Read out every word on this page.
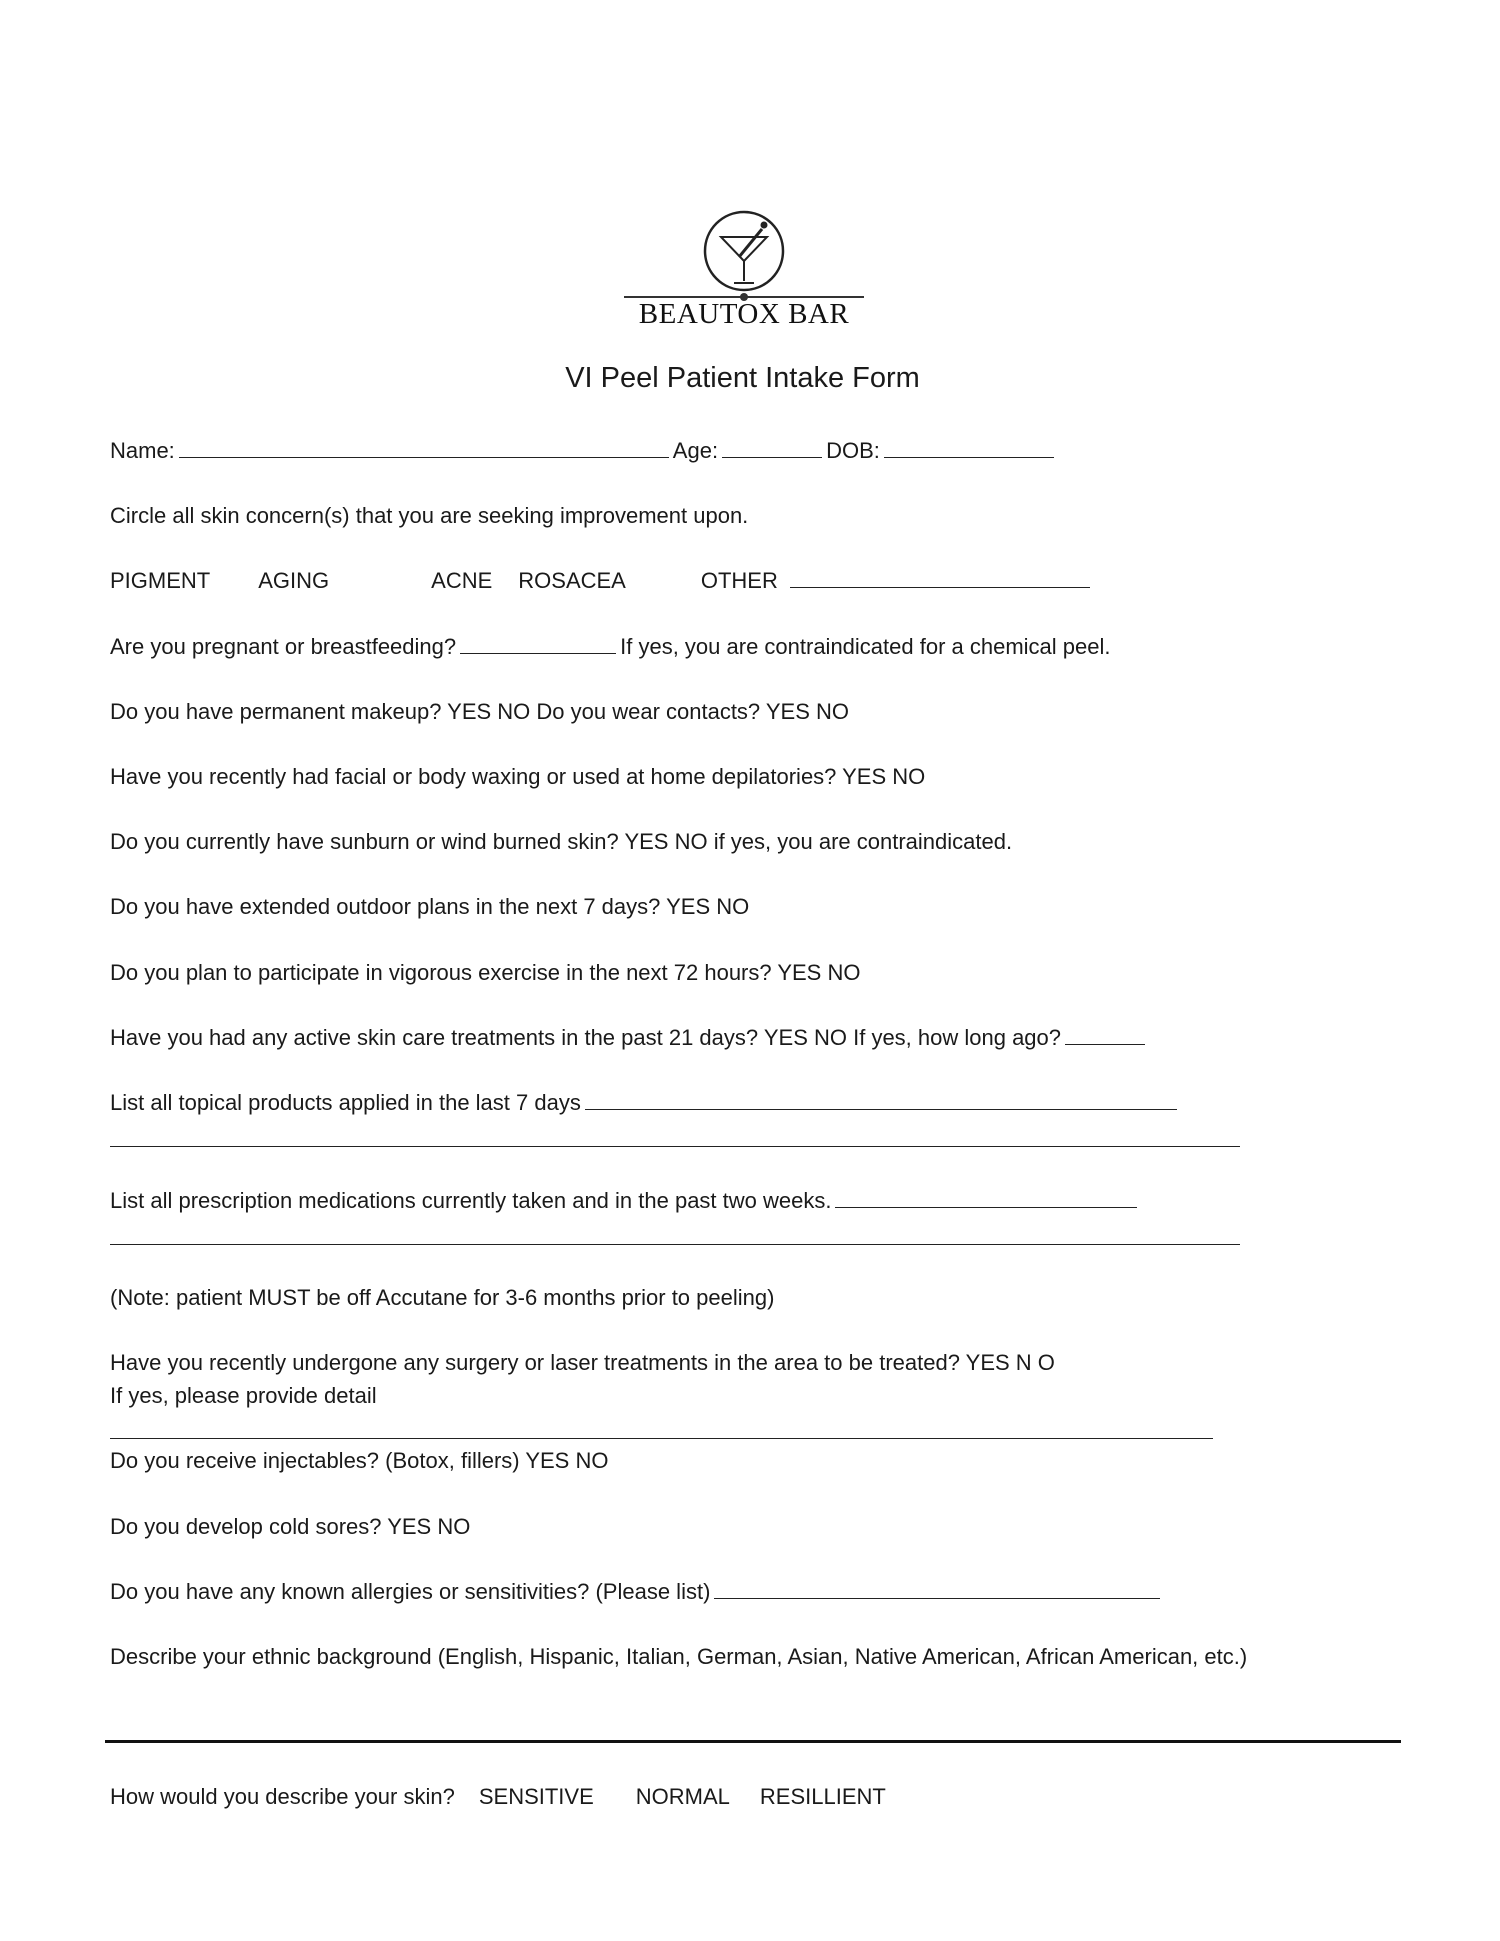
BEAUTOX BAR
VI Peel Patient Intake Form
Name:	Age:	DOB:
Circle all skin concern(s) that you are seeking improvement upon.
PIGMENT AGING	ACNE ROSACEA	OTHER
Are you pregnant or breastfeeding?	If yes, you are contraindicated for a chemical peel.
Do you have permanent makeup? YES NO Do you wear contacts? YES NO
Have you recently had facial or body waxing or used at home depilatories? YES NO
Do you currently have sunburn or wind burned skin? YES NO if yes, you are contraindicated.
Do you have extended outdoor plans in the next 7 days? YES NO
Do you plan to participate in vigorous exercise in the next 72 hours? YES NO
Have you had any active skin care treatments in the past 21 days? YES NO If yes, how long ago?
List all topical products applied in the last 7 days
List all prescription medications currently taken and in the past two weeks.
(Note: patient MUST be off Accutane for 3-6 months prior to peeling)
Have you recently undergone any surgery or laser treatments in the area to be treated? YES N O
If yes, please provide detail
Do you receive injectables? (Botox, fillers) YES NO
Do you develop cold sores? YES NO
Do you have any known allergies or sensitivities? (Please list)
Describe your ethnic background (English, Hispanic, Italian, German, Asian, Native American, African American, etc.)
How would you describe your skin? SENSITIVE NORMAL RESILLIENT
